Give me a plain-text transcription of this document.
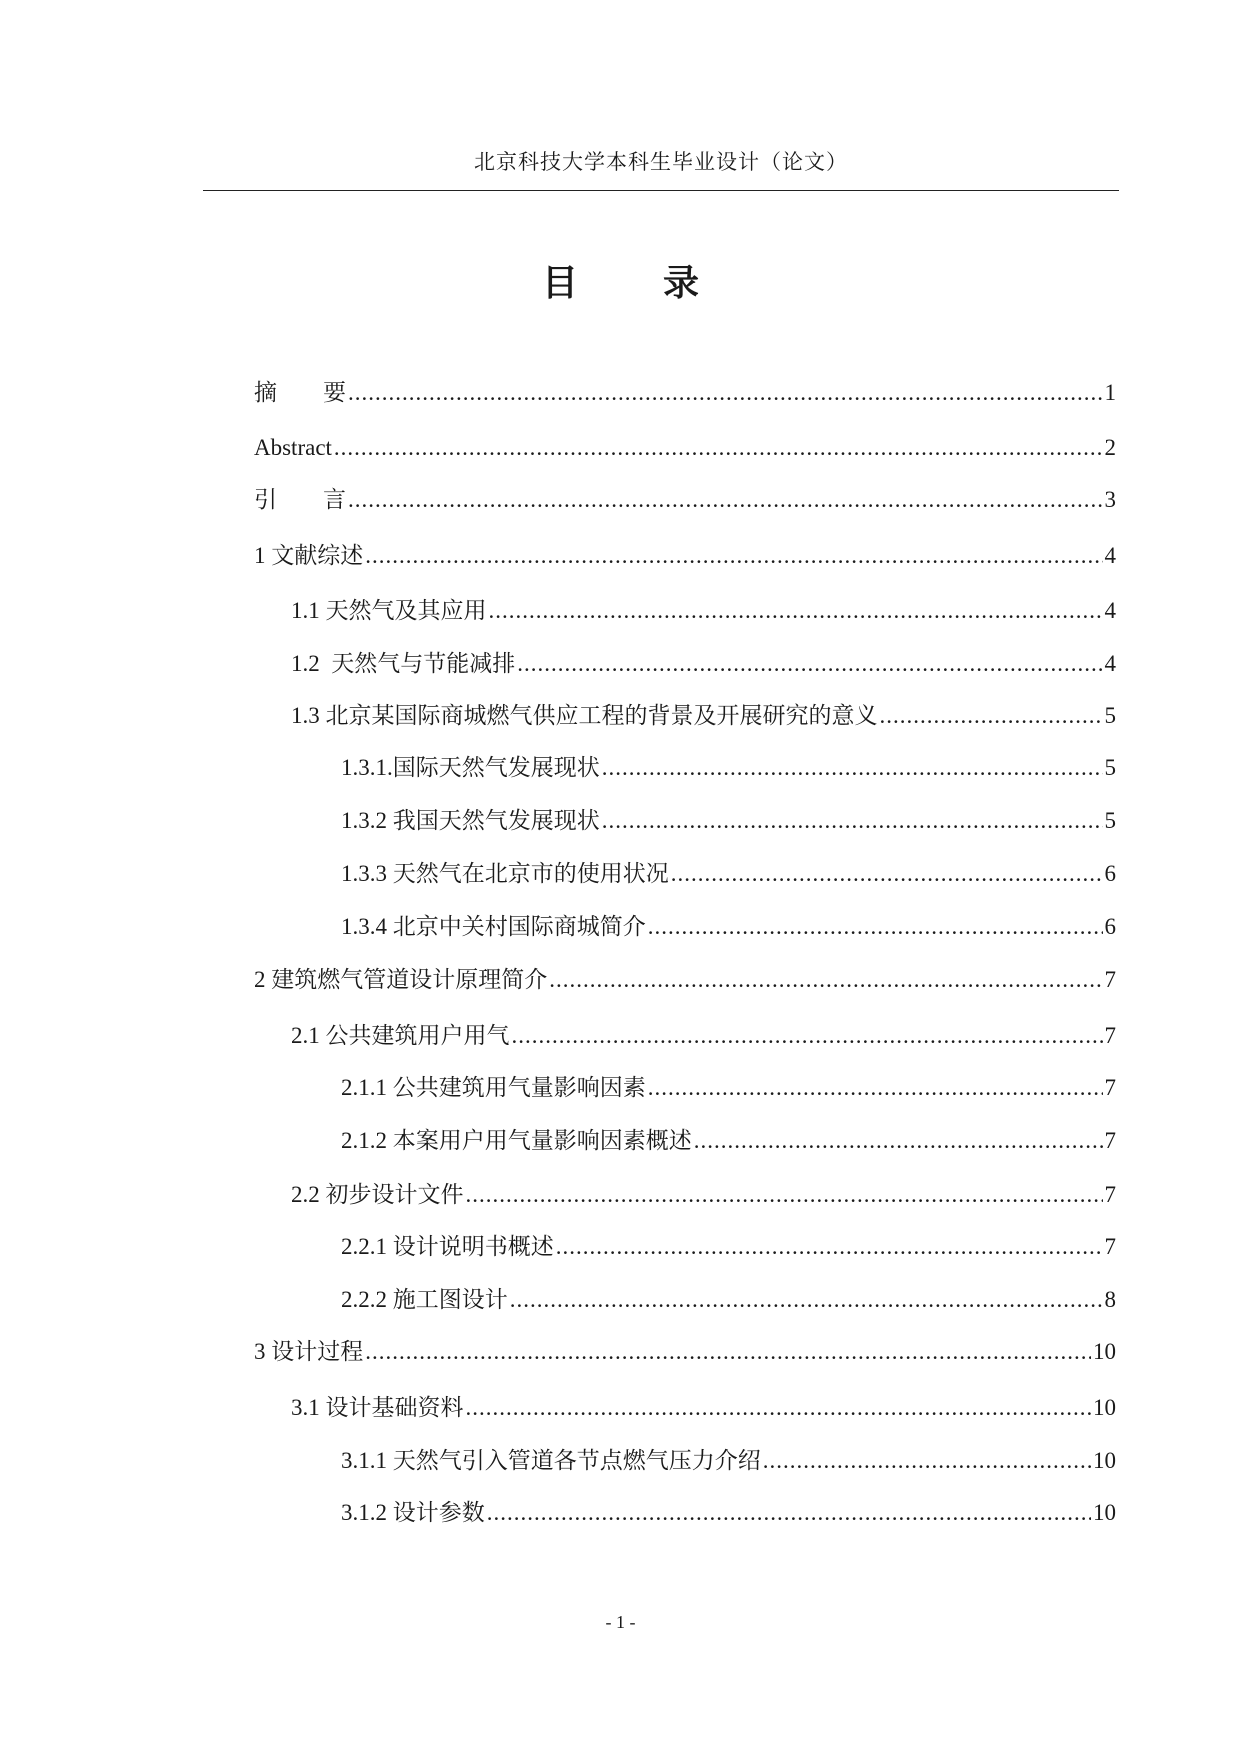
北京科技大学本科生毕业设计（论文）
目 录
摘　　要 .....	1
Abstract .....	2
引　　言 .....	3
1 文献综述 .....	4
1.1 天然气及其应用 .....	4
1.2  天然气与节能减排 .....	4
1.3 北京某国际商城燃气供应工程的背景及开展研究的意义 .....	5
1.3.1.国际天然气发展现状 .....	5
1.3.2 我国天然气发展现状 .....	5
1.3.3 天然气在北京市的使用状况 .....	6
1.3.4 北京中关村国际商城简介 .....	6
2 建筑燃气管道设计原理简介 .....	7
2.1 公共建筑用户用气 .....	7
2.1.1 公共建筑用气量影响因素 .....	7
2.1.2 本案用户用气量影响因素概述 .....	7
2.2 初步设计文件 .....	7
2.2.1 设计说明书概述 .....	7
2.2.2 施工图设计 .....	8
3 设计过程 .....	10
3.1 设计基础资料 .....	10
3.1.1 天然气引入管道各节点燃气压力介绍 .....	10
3.1.2 设计参数 .....	10
- 1 -
